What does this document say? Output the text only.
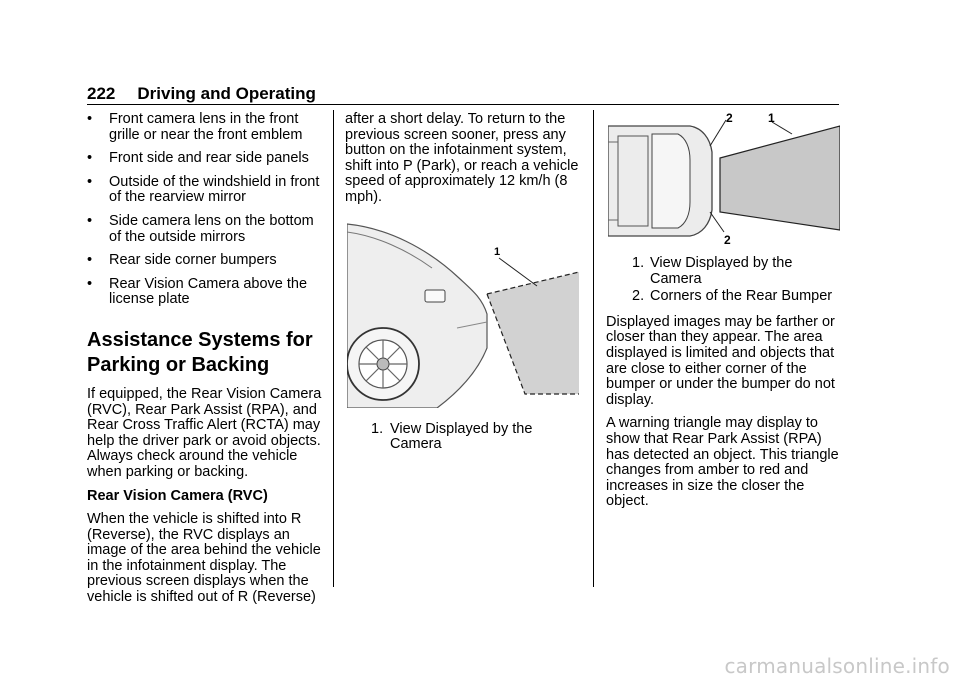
222 Driving and Operating
• Front camera lens in the front grille or near the front emblem
• Front side and rear side panels
• Outside of the windshield in front of the rearview mirror
• Side camera lens on the bottom of the outside mirrors
• Rear side corner bumpers
• Rear Vision Camera above the license plate
Assistance Systems for
Parking or Backing

If equipped, the Rear Vision Camera (RVC), Rear Park Assist (RPA), and Rear Cross Traffic Alert (RCTA) may help the driver park or avoid objects. Always check around the vehicle when parking or backing.

Rear Vision Camera (RVC)

When the vehicle is shifted into R (Reverse), the RVC displays an image of the area behind the vehicle in the infotainment display. The previous screen displays when the vehicle is shifted out of R (Reverse)

after a short delay. To return to the previous screen sooner, press any button on the infotainment system, shift into P (Park), or reach a vehicle speed of approximately 12 km/h (8 mph).

1
1. View Displayed by the Camera
2	1
2
1. View Displayed by the Camera
2. Corners of the Rear Bumper

Displayed images may be farther or closer than they appear. The area displayed is limited and objects that are close to either corner of the bumper or under the bumper do not display.

A warning triangle may display to show that Rear Park Assist (RPA) has detected an object. This triangle changes from amber to red and increases in size the closer the object.

carmanualsonline.info
